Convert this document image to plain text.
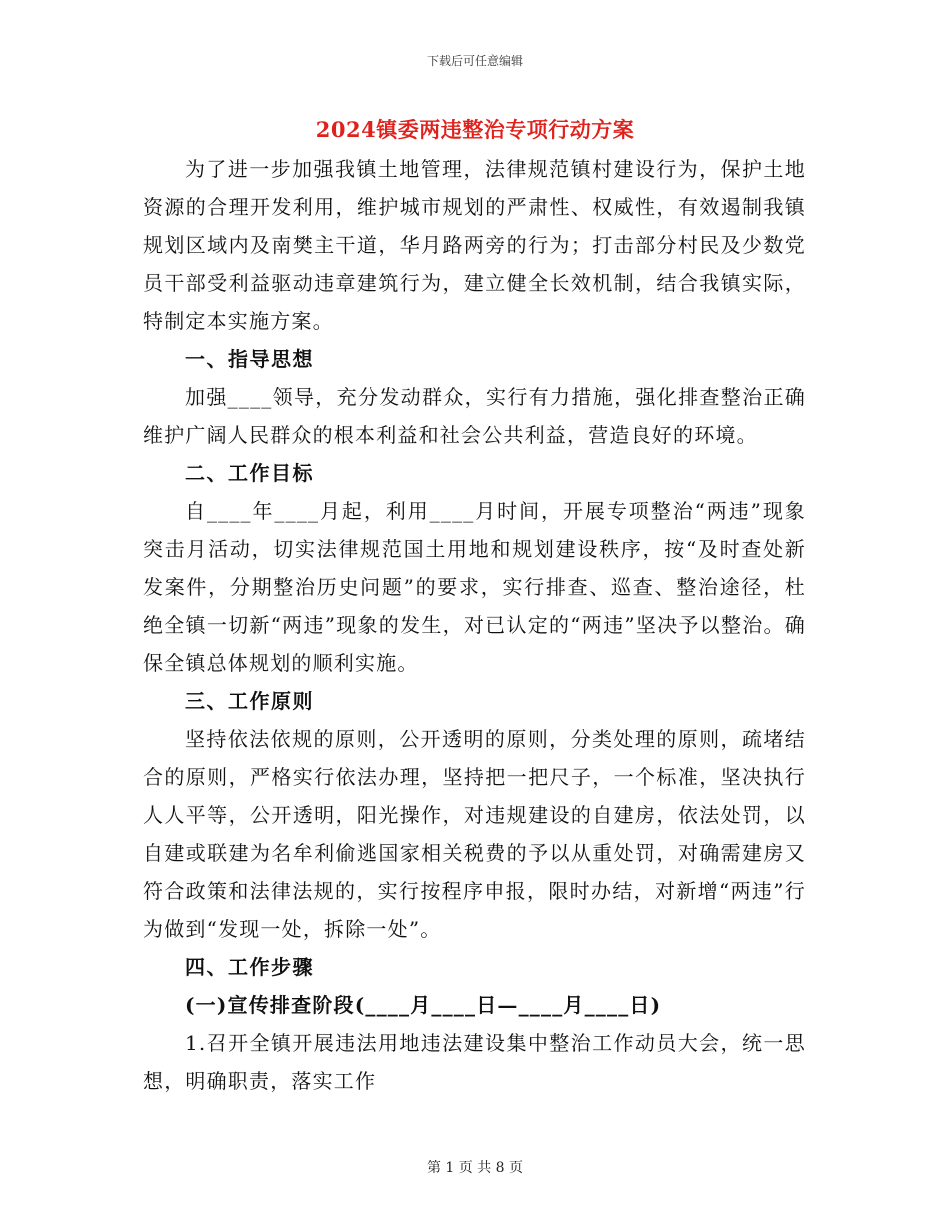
下载后可任意编辑
2024镇委两违整治专项行动方案

为了进一步加强我镇土地管理，法律规范镇村建设行为，保护土地资源的合理开发利用，维护城市规划的严肃性、权威性，有效遏制我镇规划区域内及南樊主干道，华月路两旁的行为；打击部分村民及少数党员干部受利益驱动违章建筑行为，建立健全长效机制，结合我镇实际，特制定本实施方案。

一、指导思想

加强____领导，充分发动群众，实行有力措施，强化排查整治正确维护广阔人民群众的根本利益和社会公共利益，营造良好的环境。

二、工作目标

自____年____月起，利用____月时间，开展专项整治“两违”现象突击月活动，切实法律规范国土用地和规划建设秩序，按“及时查处新发案件，分期整治历史问题”的要求，实行排查、巡查、整治途径，杜绝全镇一切新“两违”现象的发生，对已认定的“两违”坚决予以整治。确保全镇总体规划的顺利实施。

三、工作原则

坚持依法依规的原则，公开透明的原则，分类处理的原则，疏堵结合的原则，严格实行依法办理，坚持把一把尺子，一个标准，坚决执行人人平等，公开透明，阳光操作，对违规建设的自建房，依法处罚，以自建或联建为名牟利偷逃国家相关税费的予以从重处罚，对确需建房又符合政策和法律法规的，实行按程序申报，限时办结，对新增“两违”行为做到“发现一处，拆除一处”。

四、工作步骤

(一)宣传排查阶段(____月____日—____月____日)

1.召开全镇开展违法用地违法建设集中整治工作动员大会，统一思想，明确职责，落实工作

第 1 页 共 8 页
